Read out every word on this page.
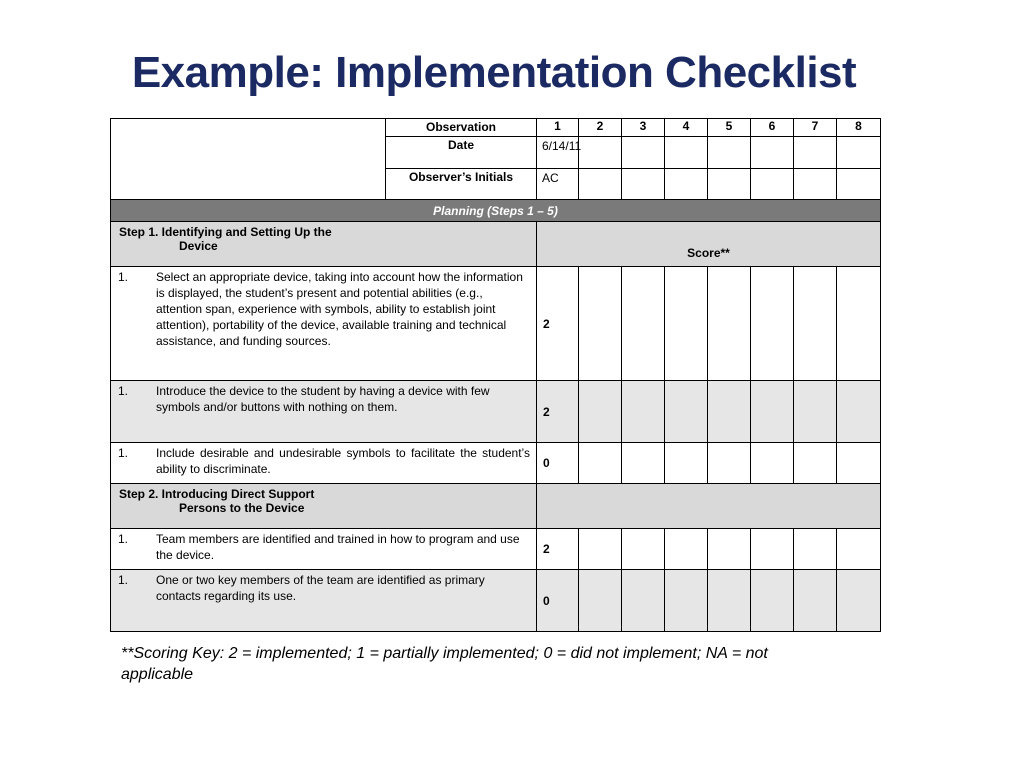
Example: Implementation Checklist
	Observation	1	2	3	4	5	6	7	8
	Date	6/14/11							
	Observer’s Initials	AC							
Planning (Steps 1 – 5)									

Step 1. Identifying and Setting Up the
Device		Score**							

1. Select an appropriate device, taking into account how the information is displayed, the student’s present and potential abilities (e.g., attention span, experience with symbols, ability to establish joint attention), portability of the device, available training and technical assistance, and funding sources.		2							

1. Introduce the device to the student by having a device with few symbols and/or buttons with nothing on them.		2							

1. Include desirable and undesirable symbols to facilitate the student’s ability to discriminate.		0							

Step 2. Introducing Direct Support
Persons to the Device									

1. Team members are identified and trained in how to program and use the device.		2							

1. One or two key members of the team are identified as primary contacts regarding its use.		0							
**Scoring Key: 2 = implemented; 1 = partially implemented; 0 = did not implement; NA = not applicable
